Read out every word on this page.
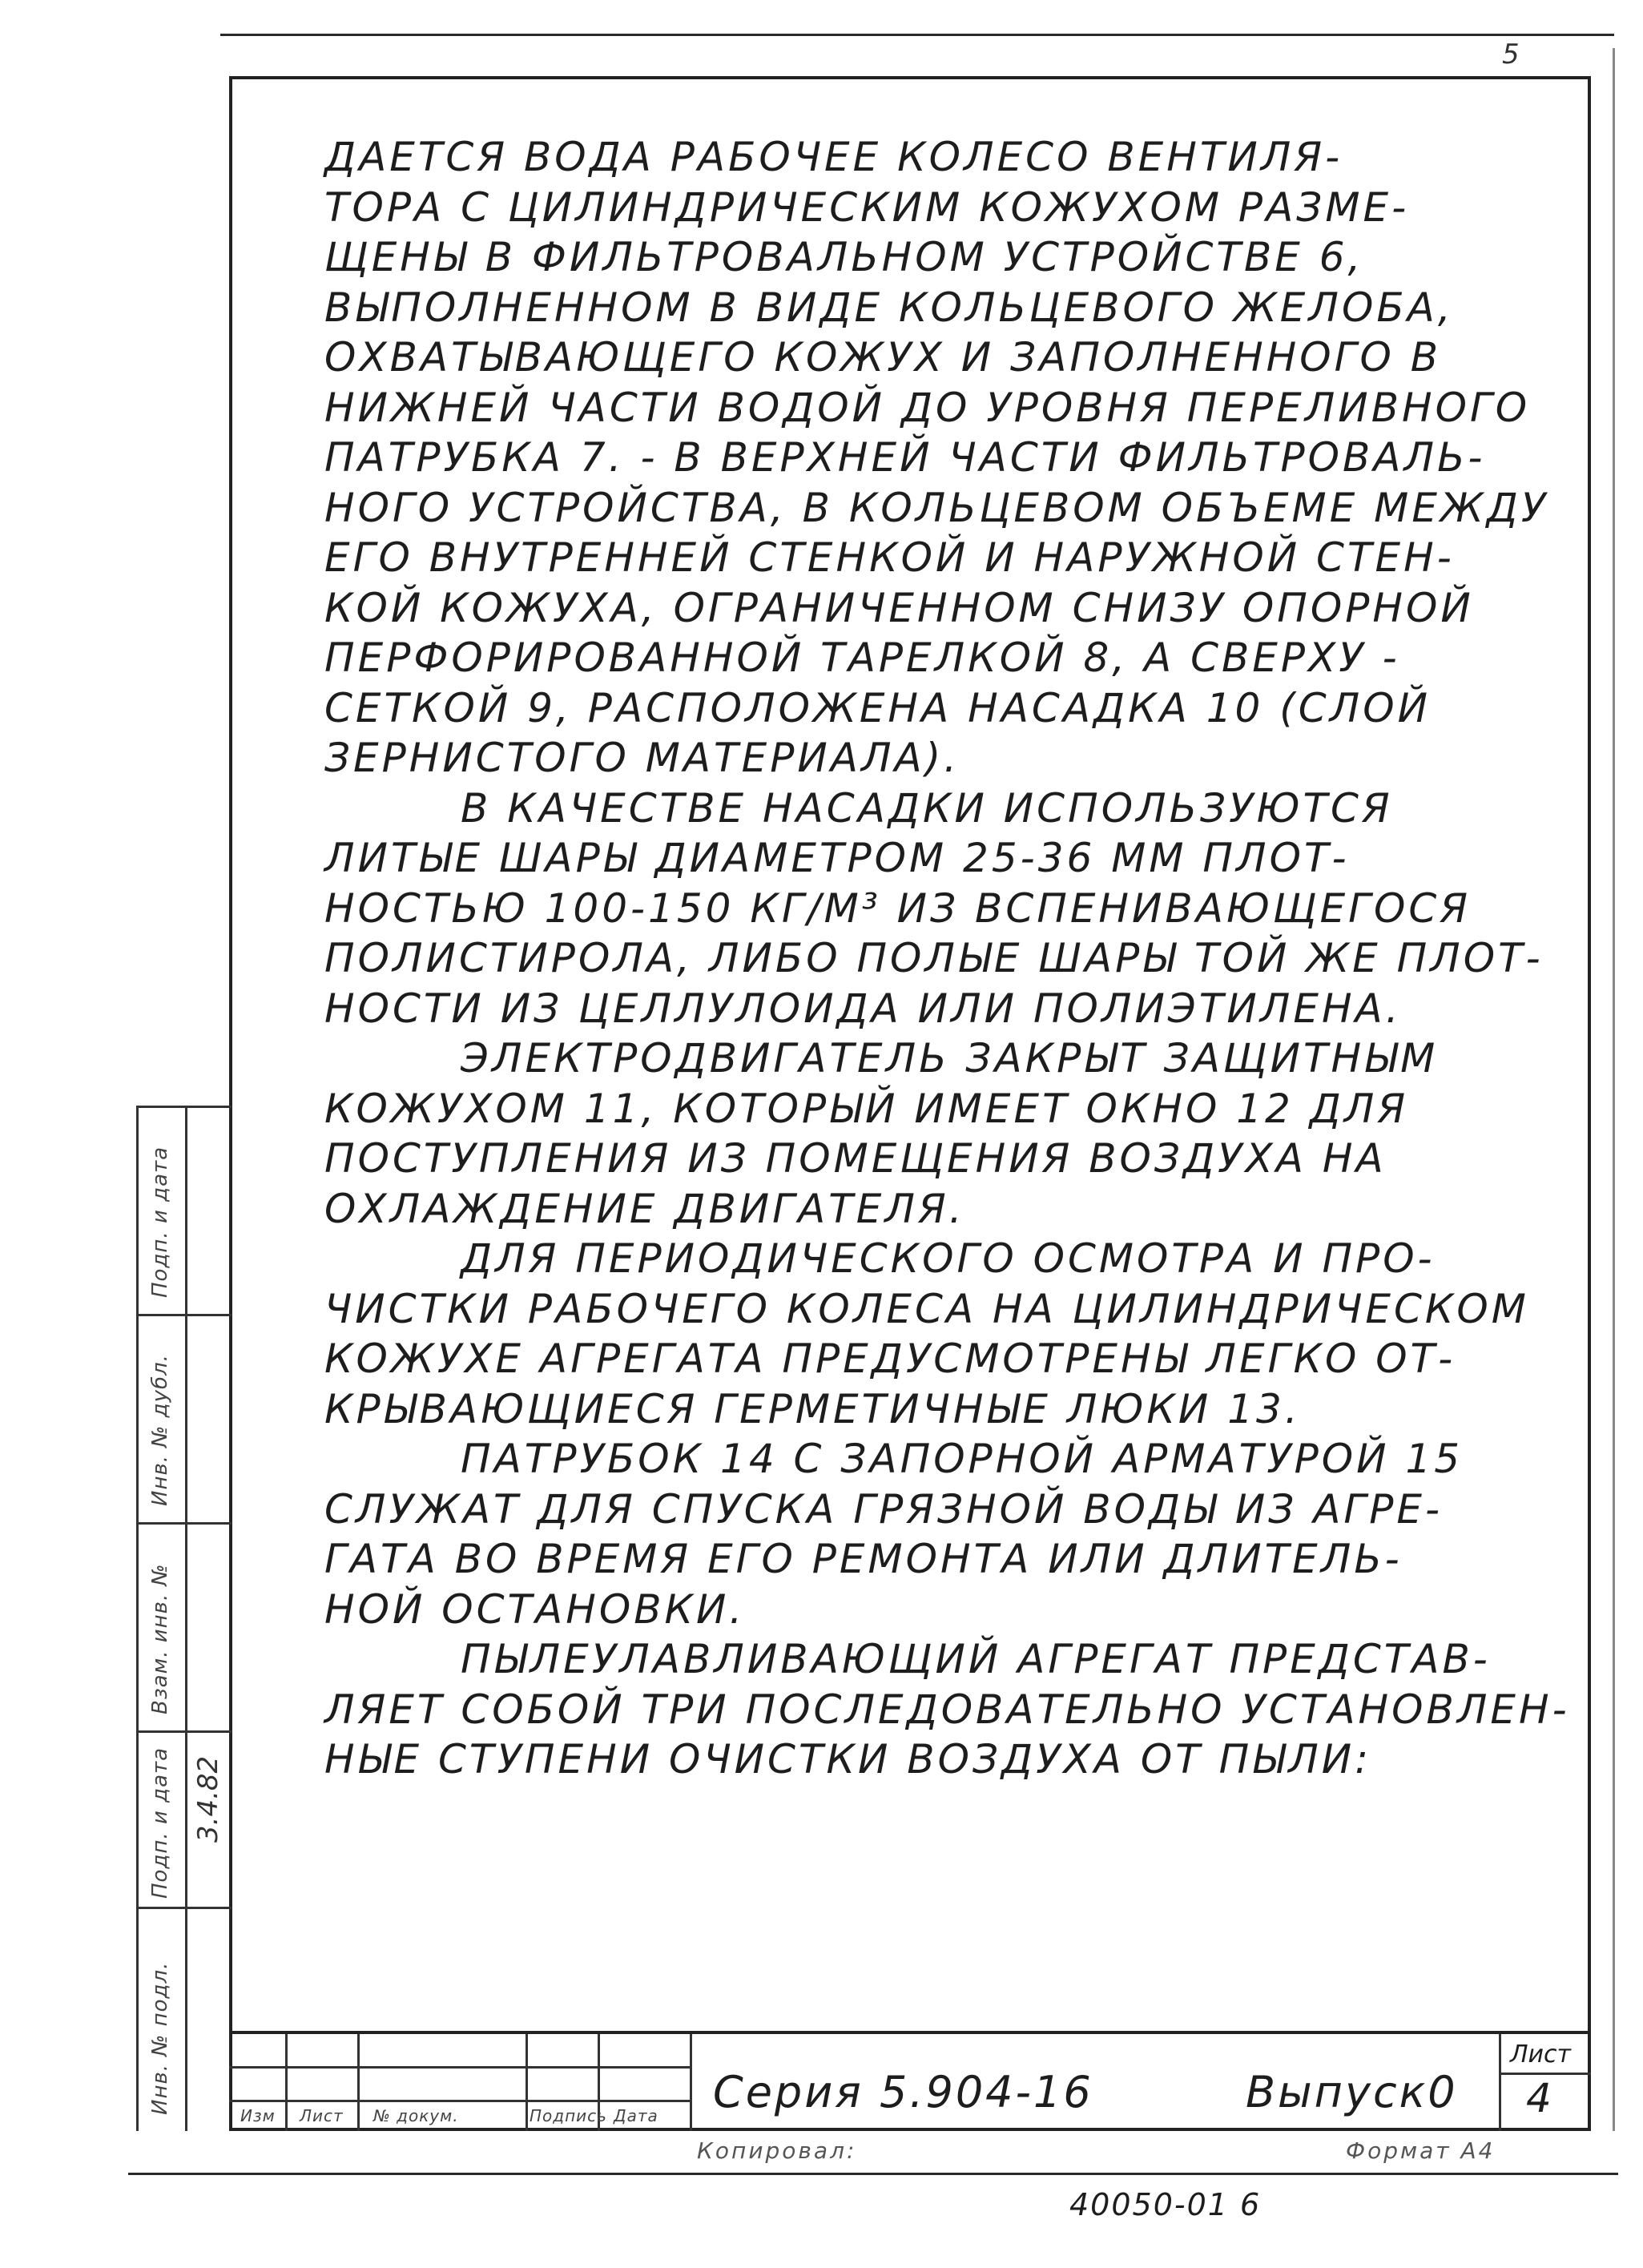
5
ДАЕТСЯ ВОДА РАБОЧЕЕ КОЛЕСО ВЕНТИЛЯ-
ТОРА С ЦИЛИНДРИЧЕСКИМ КОЖУХОМ РАЗМЕ-
ЩЕНЫ В ФИЛЬТРОВАЛЬНОМ УСТРОЙСТВЕ 6,
ВЫПОЛНЕННОМ В ВИДЕ КОЛЬЦЕВОГО ЖЕЛОБА,
ОХВАТЫВАЮЩЕГО КОЖУХ И ЗАПОЛНЕННОГО В
НИЖНЕЙ ЧАСТИ ВОДОЙ ДО УРОВНЯ ПЕРЕЛИВНОГО
ПАТРУБКА 7. - В ВЕРХНЕЙ ЧАСТИ ФИЛЬТРОВАЛЬ-
НОГО УСТРОЙСТВА, В КОЛЬЦЕВОМ ОБЪЕМЕ МЕЖДУ
ЕГО ВНУТРЕННЕЙ СТЕНКОЙ И НАРУЖНОЙ СТЕН-
КОЙ КОЖУХА, ОГРАНИЧЕННОМ СНИЗУ ОПОРНОЙ
ПЕРФОРИРОВАННОЙ ТАРЕЛКОЙ 8, А СВЕРХУ -
СЕТКОЙ 9, РАСПОЛОЖЕНА НАСАДКА 10 (СЛОЙ
ЗЕРНИСТОГО МАТЕРИАЛА).
В КАЧЕСТВЕ НАСАДКИ ИСПОЛЬЗУЮТСЯ
ЛИТЫЕ ШАРЫ ДИАМЕТРОМ 25-36 ММ ПЛОТ-
НОСТЬЮ 100-150 КГ/М³ ИЗ ВСПЕНИВАЮЩЕГОСЯ
ПОЛИСТИРОЛА, ЛИБО ПОЛЫЕ ШАРЫ ТОЙ ЖЕ ПЛОТ-
НОСТИ ИЗ ЦЕЛЛУЛОИДА ИЛИ ПОЛИЭТИЛЕНА.
ЭЛЕКТРОДВИГАТЕЛЬ ЗАКРЫТ ЗАЩИТНЫМ
КОЖУХОМ 11, КОТОРЫЙ ИМЕЕТ ОКНО 12 ДЛЯ
ПОСТУПЛЕНИЯ ИЗ ПОМЕЩЕНИЯ ВОЗДУХА НА
ОХЛАЖДЕНИЕ ДВИГАТЕЛЯ.
ДЛЯ ПЕРИОДИЧЕСКОГО ОСМОТРА И ПРО-
ЧИСТКИ РАБОЧЕГО КОЛЕСА НА ЦИЛИНДРИЧЕСКОМ
КОЖУХЕ АГРЕГАТА ПРЕДУСМОТРЕНЫ ЛЕГКО ОТ-
КРЫВАЮЩИЕСЯ ГЕРМЕТИЧНЫЕ ЛЮКИ 13.
ПАТРУБОК 14 С ЗАПОРНОЙ АРМАТУРОЙ 15
СЛУЖАТ ДЛЯ СПУСКА ГРЯЗНОЙ ВОДЫ ИЗ АГРЕ-
ГАТА ВО ВРЕМЯ ЕГО РЕМОНТА ИЛИ ДЛИТЕЛЬ-
НОЙ ОСТАНОВКИ.
ПЫЛЕУЛАВЛИВАЮЩИЙ АГРЕГАТ ПРЕДСТАВ-
ЛЯЕТ СОБОЙ ТРИ ПОСЛЕДОВАТЕЛЬНО УСТАНОВЛЕН-
НЫЕ СТУПЕНИ ОЧИСТКИ ВОЗДУХА ОТ ПЫЛИ:
Инв. № подл.
Подп. и дата
Взам. инв. №
Инв. № дубл.
Подп. и дата
3.4.82
Изм Лист № докум.	Подпись Дата Серия 5.904-16	Выпуск0
Лист
4
Копировал:	Формат А4
40050-01 6
